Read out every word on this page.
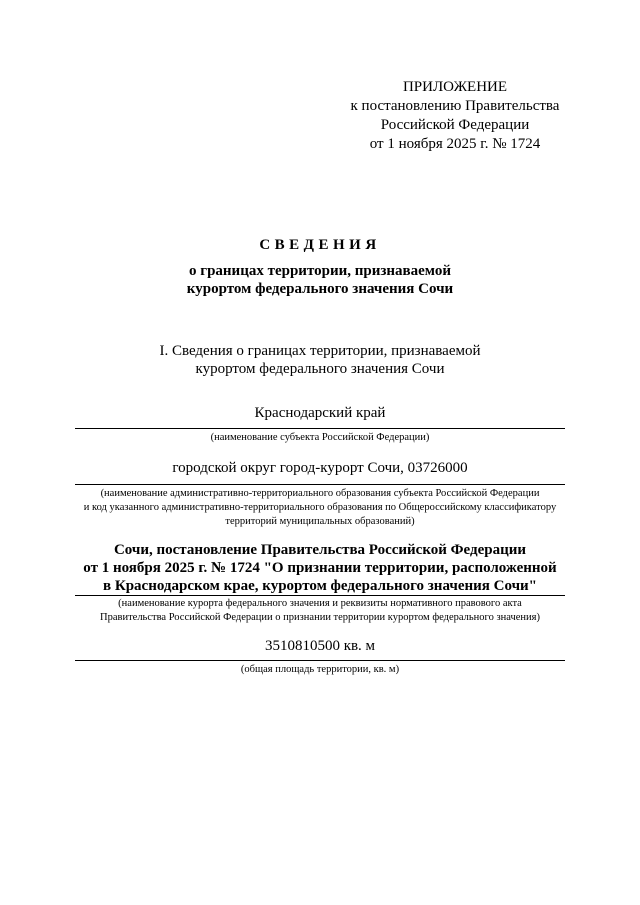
ПРИЛОЖЕНИЕ
к постановлению Правительства
Российской Федерации
от 1 ноября 2025 г. № 1724
СВЕДЕНИЯ
о границах территории, признаваемой
курортом федерального значения Сочи
I. Сведения о границах территории, признаваемой
курортом федерального значения Сочи
Краснодарский край
(наименование субъекта Российской Федерации)
городской округ город-курорт Сочи, 03726000
(наименование административно-территориального образования субъекта Российской Федерации
и код указанного административно-территориального образования по Общероссийскому классификатору
территорий муниципальных образований)
Сочи, постановление Правительства Российской Федерации
от 1 ноября 2025 г. № 1724 "О признании территории, расположенной
в Краснодарском крае, курортом федерального значения Сочи"
(наименование курорта федерального значения и реквизиты нормативного правового акта
Правительства Российской Федерации о признании территории курортом федерального значения)
3510810500 кв. м
(общая площадь территории, кв. м)
